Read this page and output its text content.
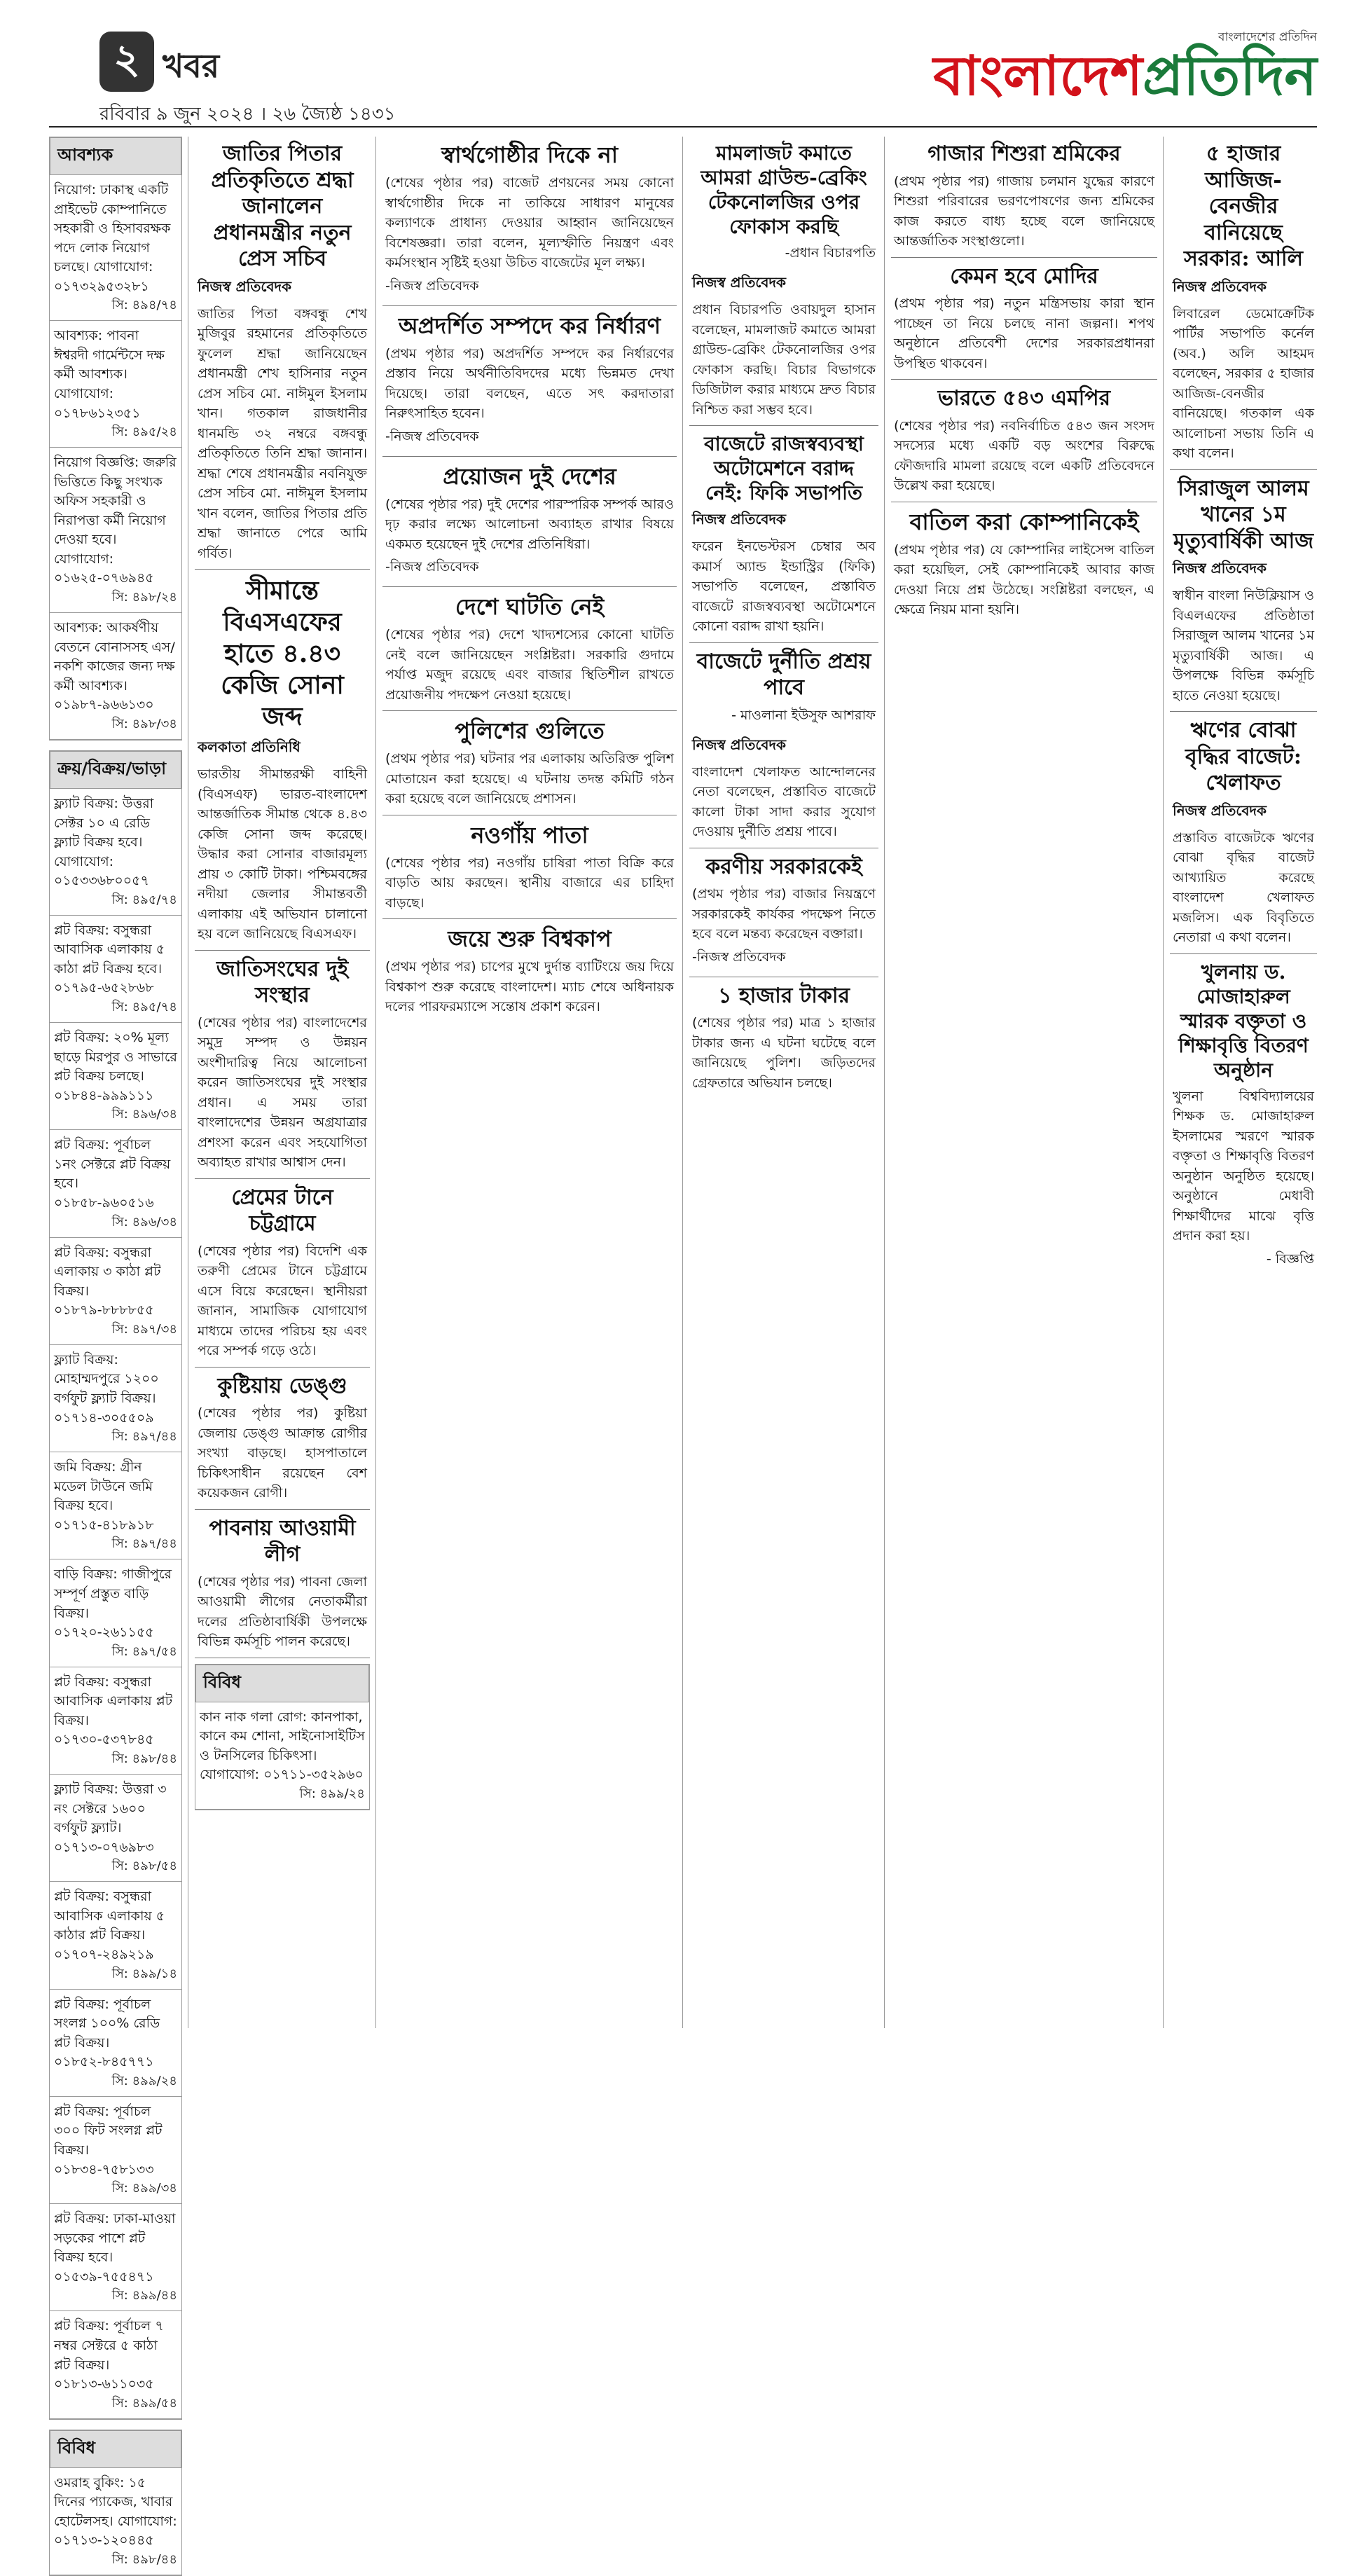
২ খবর
রবিবার ৯ জুন ২০২৪ । ২৬ জ্যৈষ্ঠ ১৪৩১
বাংলাদেশের প্রতিদিন
বাংলাদেশপ্রতিদিন
আবশ্যক
নিয়োগ: ঢাকাস্থ একটি প্রাইভেট কোম্পানিতে সহকারী ও হিসাবরক্ষক পদে লোক নিয়োগ চলছে। যোগাযোগ: ০১৭৩২৯৫৩২৮১
সি: ৪৯৪/৭৪
আবশ্যক: পাবনা ঈশ্বরদী গার্মেন্টসে দক্ষ কর্মী আবশ্যক। যোগাযোগ: ০১৭৮৬১২৩৫১
সি: ৪৯৫/২৪
নিয়োগ বিজ্ঞপ্তি: জরুরি ভিত্তিতে কিছু সংখ্যক অফিস সহকারী ও নিরাপত্তা কর্মী নিয়োগ দেওয়া হবে। যোগাযোগ: ০১৬২৫-০৭৬৯৪৫
সি: ৪৯৮/২৪
আবশ্যক: আকর্ষণীয় বেতনে বোনাসসহ এস/ নকশি কাজের জন্য দক্ষ কর্মী আবশ্যক। ০১৯৮৭-৯৬৬১৩০
সি: ৪৯৮/৩৪
ক্রয়/বিক্রয়/ভাড়া
ফ্ল্যাট বিক্রয়: উত্তরা সেক্টর ১০ এ রেডি ফ্ল্যাট বিক্রয় হবে। যোগাযোগ: ০১৫৩৩৬৮০০৫৭
সি: ৪৯৫/৭৪
প্লট বিক্রয়: বসুন্ধরা আবাসিক এলাকায় ৫ কাঠা প্লট বিক্রয় হবে। ০১৭৯৫-৬৫২৮৬৮
সি: ৪৯৫/৭৪
প্লট বিক্রয়: ২০% মূল্য ছাড়ে মিরপুর ও সাভারে প্লট বিক্রয় চলছে। ০১৮৪৪-৯৯৯১১১
সি: ৪৯৬/৩৪
প্লট বিক্রয়: পূর্বাচল ১নং সেক্টরে প্লট বিক্রয় হবে। ০১৮৫৮-৯৬০৫১৬
সি: ৪৯৬/৩৪
প্লট বিক্রয়: বসুন্ধরা এলাকায় ৩ কাঠা প্লট বিক্রয়। ০১৮৭৯-৮৮৮৮৫৫
সি: ৪৯৭/৩৪
ফ্ল্যাট বিক্রয়: মোহাম্মদপুরে ১২০০ বর্গফুট ফ্ল্যাট বিক্রয়। ০১৭১৪-৩০৫৫০৯
সি: ৪৯৭/৪৪
জমি বিক্রয়: গ্রীন মডেল টাউনে জমি বিক্রয় হবে। ০১৭১৫-৪১৮৯১৮
সি: ৪৯৭/৪৪
বাড়ি বিক্রয়: গাজীপুরে সম্পূর্ণ প্রস্তুত বাড়ি বিক্রয়। ০১৭২০-২৬১১৫৫
সি: ৪৯৭/৫৪
প্লট বিক্রয়: বসুন্ধরা আবাসিক এলাকায় প্লট বিক্রয়। ০১৭৩০-৫৩৭৮৪৫
সি: ৪৯৮/৪৪
ফ্ল্যাট বিক্রয়: উত্তরা ৩ নং সেক্টরে ১৬০০ বর্গফুট ফ্ল্যাট। ০১৭১৩-০৭৬৯৮৩
সি: ৪৯৮/৫৪
প্লট বিক্রয়: বসুন্ধরা আবাসিক এলাকায় ৫ কাঠার প্লট বিক্রয়। ০১৭০৭-২৪৯২১৯
সি: ৪৯৯/১৪
প্লট বিক্রয়: পূর্বাচল সংলগ্ন ১০০% রেডি প্লট বিক্রয়। ০১৮৫২-৮৪৫৭৭১
সি: ৪৯৯/২৪
প্লট বিক্রয়: পূর্বাচল ৩০০ ফিট সংলগ্ন প্লট বিক্রয়। ০১৮৩৪-৭৫৮১৩৩
সি: ৪৯৯/৩৪
প্লট বিক্রয়: ঢাকা-মাওয়া সড়কের পাশে প্লট বিক্রয় হবে। ০১৫৩৯-৭৫৫৪৭১
সি: ৪৯৯/৪৪
প্লট বিক্রয়: পূর্বাচল ৭ নম্বর সেক্টরে ৫ কাঠা প্লট বিক্রয়। ০১৮১৩-৬১১০৩৫
সি: ৪৯৯/৫৪
বিবিধ
ওমরাহ বুকিং: ১৫ দিনের প্যাকেজ, খাবার হোটেলসহ। যোগাযোগ: ০১৭১৩-১২০৪৪৫
সি: ৪৯৮/৪৪
জাতির পিতার প্রতিকৃতিতে শ্রদ্ধা জানালেন প্রধানমন্ত্রীর নতুন প্রেস সচিব
নিজস্ব প্রতিবেদক
জাতির পিতা বঙ্গবন্ধু শেখ মুজিবুর রহমানের প্রতিকৃতিতে ফুলেল শ্রদ্ধা জানিয়েছেন প্রধানমন্ত্রী শেখ হাসিনার নতুন প্রেস সচিব মো. নাঈমুল ইসলাম খান। গতকাল রাজধানীর ধানমন্ডি ৩২ নম্বরে বঙ্গবন্ধু প্রতিকৃতিতে তিনি শ্রদ্ধা জানান। শ্রদ্ধা শেষে প্রধানমন্ত্রীর নবনিযুক্ত প্রেস সচিব মো. নাঈমুল ইসলাম খান বলেন, জাতির পিতার প্রতি শ্রদ্ধা জানাতে পেরে আমি গর্বিত।
সীমান্তে বিএসএফের হাতে ৪.৪৩ কেজি সোনা জব্দ
কলকাতা প্রতিনিধি
ভারতীয় সীমান্তরক্ষী বাহিনী (বিএসএফ) ভারত-বাংলাদেশ আন্তর্জাতিক সীমান্ত থেকে ৪.৪৩ কেজি সোনা জব্দ করেছে। উদ্ধার করা সোনার বাজারমূল্য প্রায় ৩ কোটি টাকা। পশ্চিমবঙ্গের নদীয়া জেলার সীমান্তবর্তী এলাকায় এই অভিযান চালানো হয় বলে জানিয়েছে বিএসএফ।
জাতিসংঘের দুই সংস্থার
(শেষের পৃষ্ঠার পর) বাংলাদেশের সমুদ্র সম্পদ ও উন্নয়ন অংশীদারিত্ব নিয়ে আলোচনা করেন জাতিসংঘের দুই সংস্থার প্রধান। এ সময় তারা বাংলাদেশের উন্নয়ন অগ্রযাত্রার প্রশংসা করেন এবং সহযোগিতা অব্যাহত রাখার আশ্বাস দেন।
প্রেমের টানে চট্টগ্রামে
(শেষের পৃষ্ঠার পর) বিদেশি এক তরুণী প্রেমের টানে চট্টগ্রামে এসে বিয়ে করেছেন। স্থানীয়রা জানান, সামাজিক যোগাযোগ মাধ্যমে তাদের পরিচয় হয় এবং পরে সম্পর্ক গড়ে ওঠে।
কুষ্টিয়ায় ডেঙ্গু
(শেষের পৃষ্ঠার পর) কুষ্টিয়া জেলায় ডেঙ্গু আক্রান্ত রোগীর সংখ্যা বাড়ছে। হাসপাতালে চিকিৎসাধীন রয়েছেন বেশ কয়েকজন রোগী।
পাবনায় আওয়ামী লীগ
(শেষের পৃষ্ঠার পর) পাবনা জেলা আওয়ামী লীগের নেতাকর্মীরা দলের প্রতিষ্ঠাবার্ষিকী উপলক্ষে বিভিন্ন কর্মসূচি পালন করেছে।
বিবিধ
কান নাক গলা রোগ: কানপাকা, কানে কম শোনা, সাইনোসাইটিস ও টনসিলের চিকিৎসা। যোগাযোগ: ০১৭১১-৩৫২৯৬০
সি: ৪৯৯/২৪
স্বার্থগোষ্ঠীর দিকে না
(শেষের পৃষ্ঠার পর) বাজেট প্রণয়নের সময় কোনো স্বার্থগোষ্ঠীর দিকে না তাকিয়ে সাধারণ মানুষের কল্যাণকে প্রাধান্য দেওয়ার আহ্বান জানিয়েছেন বিশেষজ্ঞরা। তারা বলেন, মূল্যস্ফীতি নিয়ন্ত্রণ এবং কর্মসংস্থান সৃষ্টিই হওয়া উচিত বাজেটের মূল লক্ষ্য।
-নিজস্ব প্রতিবেদক
অপ্রদর্শিত সম্পদে কর নির্ধারণ
(প্রথম পৃষ্ঠার পর) অপ্রদর্শিত সম্পদে কর নির্ধারণের প্রস্তাব নিয়ে অর্থনীতিবিদদের মধ্যে ভিন্নমত দেখা দিয়েছে। তারা বলছেন, এতে সৎ করদাতারা নিরুৎসাহিত হবেন।
-নিজস্ব প্রতিবেদক
প্রয়োজন দুই দেশের
(শেষের পৃষ্ঠার পর) দুই দেশের পারস্পরিক সম্পর্ক আরও দৃঢ় করার লক্ষ্যে আলোচনা অব্যাহত রাখার বিষয়ে একমত হয়েছেন দুই দেশের প্রতিনিধিরা।
-নিজস্ব প্রতিবেদক
দেশে ঘাটতি নেই
(শেষের পৃষ্ঠার পর) দেশে খাদ্যশস্যের কোনো ঘাটতি নেই বলে জানিয়েছেন সংশ্লিষ্টরা। সরকারি গুদামে পর্যাপ্ত মজুদ রয়েছে এবং বাজার স্থিতিশীল রাখতে প্রয়োজনীয় পদক্ষেপ নেওয়া হয়েছে।
পুলিশের গুলিতে
(প্রথম পৃষ্ঠার পর) ঘটনার পর এলাকায় অতিরিক্ত পুলিশ মোতায়েন করা হয়েছে। এ ঘটনায় তদন্ত কমিটি গঠন করা হয়েছে বলে জানিয়েছে প্রশাসন।
নওগাঁয় পাতা
(শেষের পৃষ্ঠার পর) নওগাঁয় চাষিরা পাতা বিক্রি করে বাড়তি আয় করছেন। স্থানীয় বাজারে এর চাহিদা বাড়ছে।
জয়ে শুরু বিশ্বকাপ
(প্রথম পৃষ্ঠার পর) চাপের মুখে দুর্দান্ত ব্যাটিংয়ে জয় দিয়ে বিশ্বকাপ শুরু করেছে বাংলাদেশ। ম্যাচ শেষে অধিনায়ক দলের পারফরম্যান্সে সন্তোষ প্রকাশ করেন।
মামলাজট কমাতে আমরা গ্রাউন্ড-ব্রেকিং টেকনোলজির ওপর ফোকাস করছি
-প্রধান বিচারপতি
নিজস্ব প্রতিবেদক
প্রধান বিচারপতি ওবায়দুল হাসান বলেছেন, মামলাজট কমাতে আমরা গ্রাউন্ড-ব্রেকিং টেকনোলজির ওপর ফোকাস করছি। বিচার বিভাগকে ডিজিটাল করার মাধ্যমে দ্রুত বিচার নিশ্চিত করা সম্ভব হবে।
বাজেটে রাজস্বব্যবস্থা অটোমেশনে বরাদ্দ নেই: ফিকি সভাপতি
নিজস্ব প্রতিবেদক
ফরেন ইনভেস্টরস চেম্বার অব কমার্স অ্যান্ড ইন্ডাস্ট্রির (ফিকি) সভাপতি বলেছেন, প্রস্তাবিত বাজেটে রাজস্বব্যবস্থা অটোমেশনে কোনো বরাদ্দ রাখা হয়নি।
বাজেটে দুর্নীতি প্রশ্রয় পাবে
- মাওলানা ইউসুফ আশরাফ
নিজস্ব প্রতিবেদক
বাংলাদেশ খেলাফত আন্দোলনের নেতা বলেছেন, প্রস্তাবিত বাজেটে কালো টাকা সাদা করার সুযোগ দেওয়ায় দুর্নীতি প্রশ্রয় পাবে।
করণীয় সরকারকেই
(প্রথম পৃষ্ঠার পর) বাজার নিয়ন্ত্রণে সরকারকেই কার্যকর পদক্ষেপ নিতে হবে বলে মন্তব্য করেছেন বক্তারা।
-নিজস্ব প্রতিবেদক
১ হাজার টাকার
(শেষের পৃষ্ঠার পর) মাত্র ১ হাজার টাকার জন্য এ ঘটনা ঘটেছে বলে জানিয়েছে পুলিশ। জড়িতদের গ্রেফতারে অভিযান চলছে।
গাজার শিশুরা শ্রমিকের
(প্রথম পৃষ্ঠার পর) গাজায় চলমান যুদ্ধের কারণে শিশুরা পরিবারের ভরণপোষণের জন্য শ্রমিকের কাজ করতে বাধ্য হচ্ছে বলে জানিয়েছে আন্তর্জাতিক সংস্থাগুলো।
কেমন হবে মোদির
(প্রথম পৃষ্ঠার পর) নতুন মন্ত্রিসভায় কারা স্থান পাচ্ছেন তা নিয়ে চলছে নানা জল্পনা। শপথ অনুষ্ঠানে প্রতিবেশী দেশের সরকারপ্রধানরা উপস্থিত থাকবেন।
ভারতে ৫৪৩ এমপির
(শেষের পৃষ্ঠার পর) নবনির্বাচিত ৫৪৩ জন সংসদ সদস্যের মধ্যে একটি বড় অংশের বিরুদ্ধে ফৌজদারি মামলা রয়েছে বলে একটি প্রতিবেদনে উল্লেখ করা হয়েছে।
বাতিল করা কোম্পানিকেই
(প্রথম পৃষ্ঠার পর) যে কোম্পানির লাইসেন্স বাতিল করা হয়েছিল, সেই কোম্পানিকেই আবার কাজ দেওয়া নিয়ে প্রশ্ন উঠেছে। সংশ্লিষ্টরা বলছেন, এ ক্ষেত্রে নিয়ম মানা হয়নি।
৫ হাজার আজিজ-বেনজীর বানিয়েছে সরকার: আলি
নিজস্ব প্রতিবেদক
লিবারেল ডেমোক্রেটিক পার্টির সভাপতি কর্নেল (অব.) অলি আহমদ বলেছেন, সরকার ৫ হাজার আজিজ-বেনজীর বানিয়েছে। গতকাল এক আলোচনা সভায় তিনি এ কথা বলেন।
সিরাজুল আলম খানের ১ম মৃত্যুবার্ষিকী আজ
নিজস্ব প্রতিবেদক
স্বাধীন বাংলা নিউক্লিয়াস ও বিএলএফের প্রতিষ্ঠাতা সিরাজুল আলম খানের ১ম মৃত্যুবার্ষিকী আজ। এ উপলক্ষে বিভিন্ন কর্মসূচি হাতে নেওয়া হয়েছে।
ঋণের বোঝা বৃদ্ধির বাজেট: খেলাফত
নিজস্ব প্রতিবেদক
প্রস্তাবিত বাজেটকে ঋণের বোঝা বৃদ্ধির বাজেট আখ্যায়িত করেছে বাংলাদেশ খেলাফত মজলিস। এক বিবৃতিতে নেতারা এ কথা বলেন।
খুলনায় ড. মোজাহারুল স্মারক বক্তৃতা ও শিক্ষাবৃত্তি বিতরণ অনুষ্ঠান
খুলনা বিশ্ববিদ্যালয়ের শিক্ষক ড. মোজাহারুল ইসলামের স্মরণে স্মারক বক্তৃতা ও শিক্ষাবৃত্তি বিতরণ অনুষ্ঠান অনুষ্ঠিত হয়েছে। অনুষ্ঠানে মেধাবী শিক্ষার্থীদের মাঝে বৃত্তি প্রদান করা হয়।
- বিজ্ঞপ্তি
